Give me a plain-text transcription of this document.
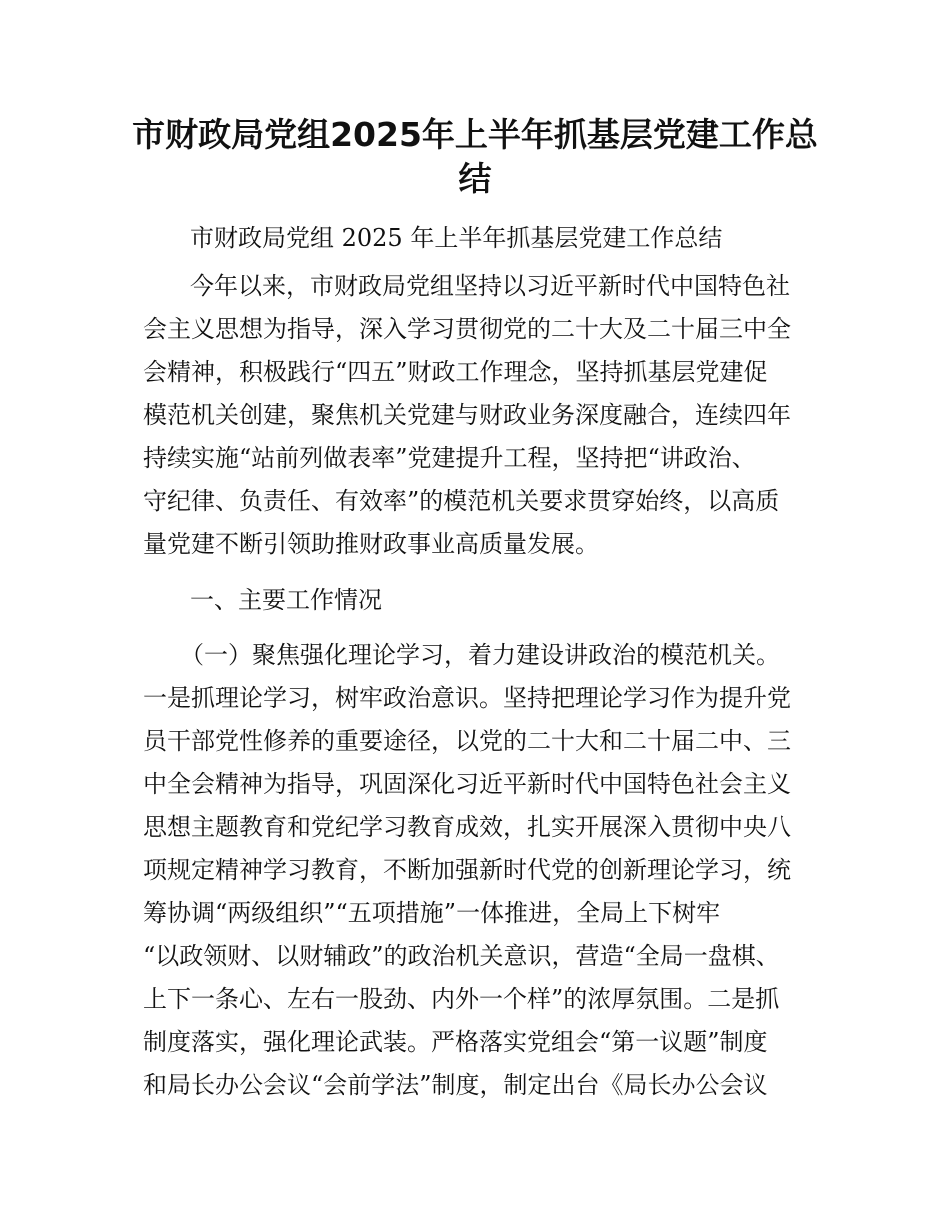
市财政局党组2025年上半年抓基层党建工作总
结
市财政局党组 2025 年上半年抓基层党建工作总结
今年以来，市财政局党组坚持以习近平新时代中国特色社
会主义思想为指导，深入学习贯彻党的二十大及二十届三中全
会精神，积极践行“四五”财政工作理念，坚持抓基层党建促
模范机关创建，聚焦机关党建与财政业务深度融合，连续四年
持续实施“站前列做表率”党建提升工程，坚持把“讲政治、
守纪律、负责任、有效率”的模范机关要求贯穿始终，以高质
量党建不断引领助推财政事业高质量发展。
一、主要工作情况
（一）聚焦强化理论学习，着力建设讲政治的模范机关。
一是抓理论学习，树牢政治意识。坚持把理论学习作为提升党
员干部党性修养的重要途径，以党的二十大和二十届二中、三
中全会精神为指导，巩固深化习近平新时代中国特色社会主义
思想主题教育和党纪学习教育成效，扎实开展深入贯彻中央八
项规定精神学习教育，不断加强新时代党的创新理论学习，统
筹协调“两级组织”“五项措施”一体推进，全局上下树牢
“以政领财、以财辅政”的政治机关意识，营造“全局一盘棋、
上下一条心、左右一股劲、内外一个样”的浓厚氛围。二是抓
制度落实，强化理论武装。严格落实党组会“第一议题”制度
和局长办公会议“会前学法”制度，制定出台《局长办公会议
